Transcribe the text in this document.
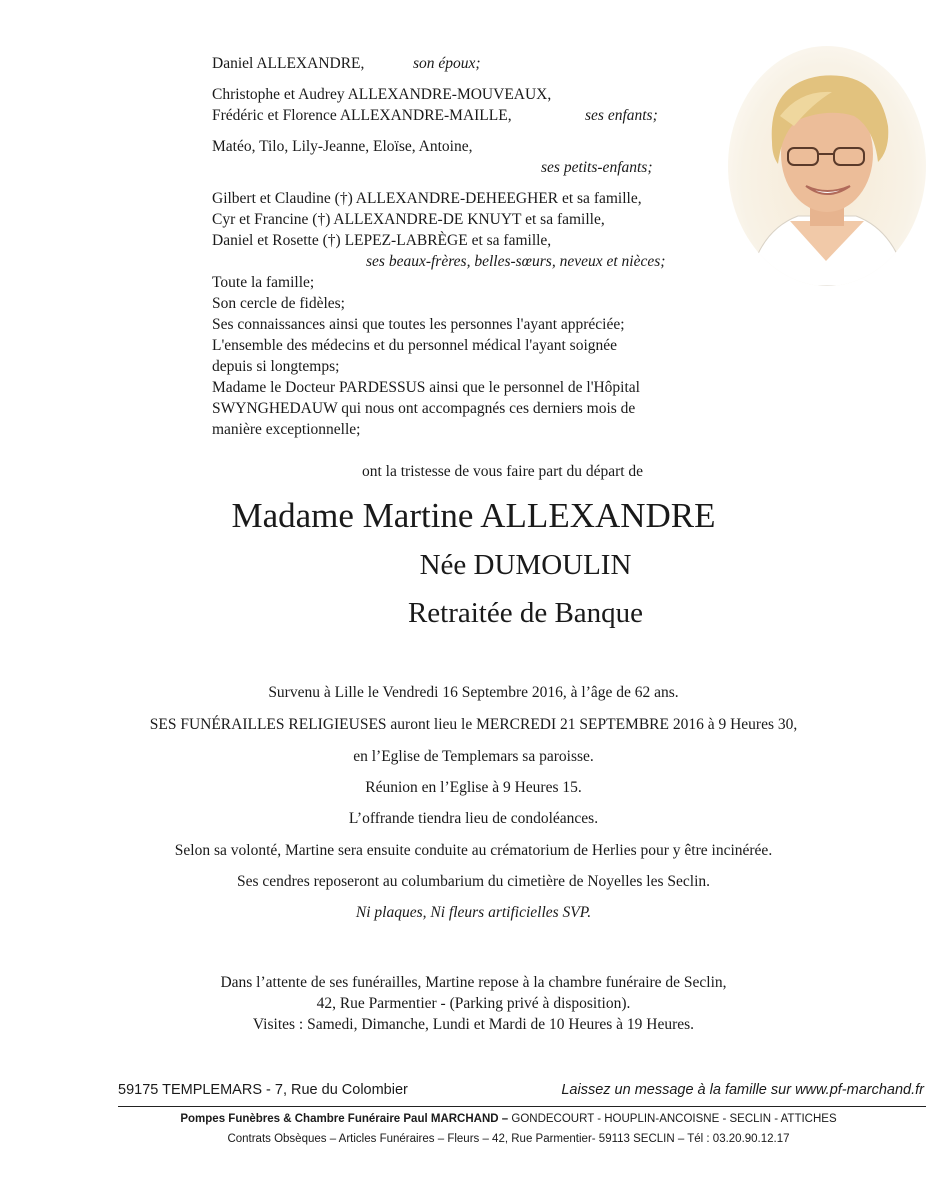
Daniel ALLEXANDRE,	son époux;
Christophe et Audrey ALLEXANDRE-MOUVEAUX,
Frédéric et Florence ALLEXANDRE-MAILLE,	ses enfants;
Matéo, Tilo, Lily-Jeanne, Eloïse, Antoine,
ses petits-enfants;
Gilbert et Claudine (†) ALLEXANDRE-DEHEEGHER et sa famille,
Cyr et Francine (†) ALLEXANDRE-DE KNUYT et sa famille,
Daniel et Rosette (†) LEPEZ-LABRÈGE et sa famille,
ses beaux-frères, belles-sœurs, neveux et nièces;
Toute la famille;
Son cercle de fidèles;
Ses connaissances ainsi que toutes les personnes l'ayant appréciée;
L'ensemble des médecins et du personnel médical l'ayant soignée
depuis si longtemps;
Madame le Docteur PARDESSUS ainsi que le personnel de l'Hôpital
SWYNGHEDAUW qui nous ont accompagnés ces derniers mois de
manière exceptionnelle;
ont la tristesse de vous faire part du départ de
Madame Martine ALLEXANDRE
Née DUMOULIN
Retraitée de Banque
Survenu à Lille le Vendredi 16 Septembre 2016, à l’âge de 62 ans.
SES FUNÉRAILLES RELIGIEUSES auront lieu le MERCREDI 21 SEPTEMBRE 2016 à 9 Heures 30,
en l’Eglise de Templemars sa paroisse.
Réunion en l’Eglise à 9 Heures 15.
L’offrande tiendra lieu de condoléances.
Selon sa volonté, Martine sera ensuite conduite au crématorium de Herlies pour y être incinérée.
Ses cendres reposeront au columbarium du cimetière de Noyelles les Seclin.
Ni plaques, Ni fleurs artificielles SVP.
Dans l’attente de ses funérailles, Martine repose à la chambre funéraire de Seclin,
42, Rue Parmentier - (Parking privé à disposition).
Visites : Samedi, Dimanche, Lundi et Mardi de 10 Heures à 19 Heures.
59175 TEMPLEMARS - 7, Rue du Colombier	Laissez un message à la famille sur www.pf-marchand.fr
Pompes Funèbres & Chambre Funéraire Paul MARCHAND – GONDECOURT - HOUPLIN-ANCOISNE - SECLIN - ATTICHES
Contrats Obsèques – Articles Funéraires – Fleurs – 42, Rue Parmentier- 59113 SECLIN – Tél : 03.20.90.12.17
